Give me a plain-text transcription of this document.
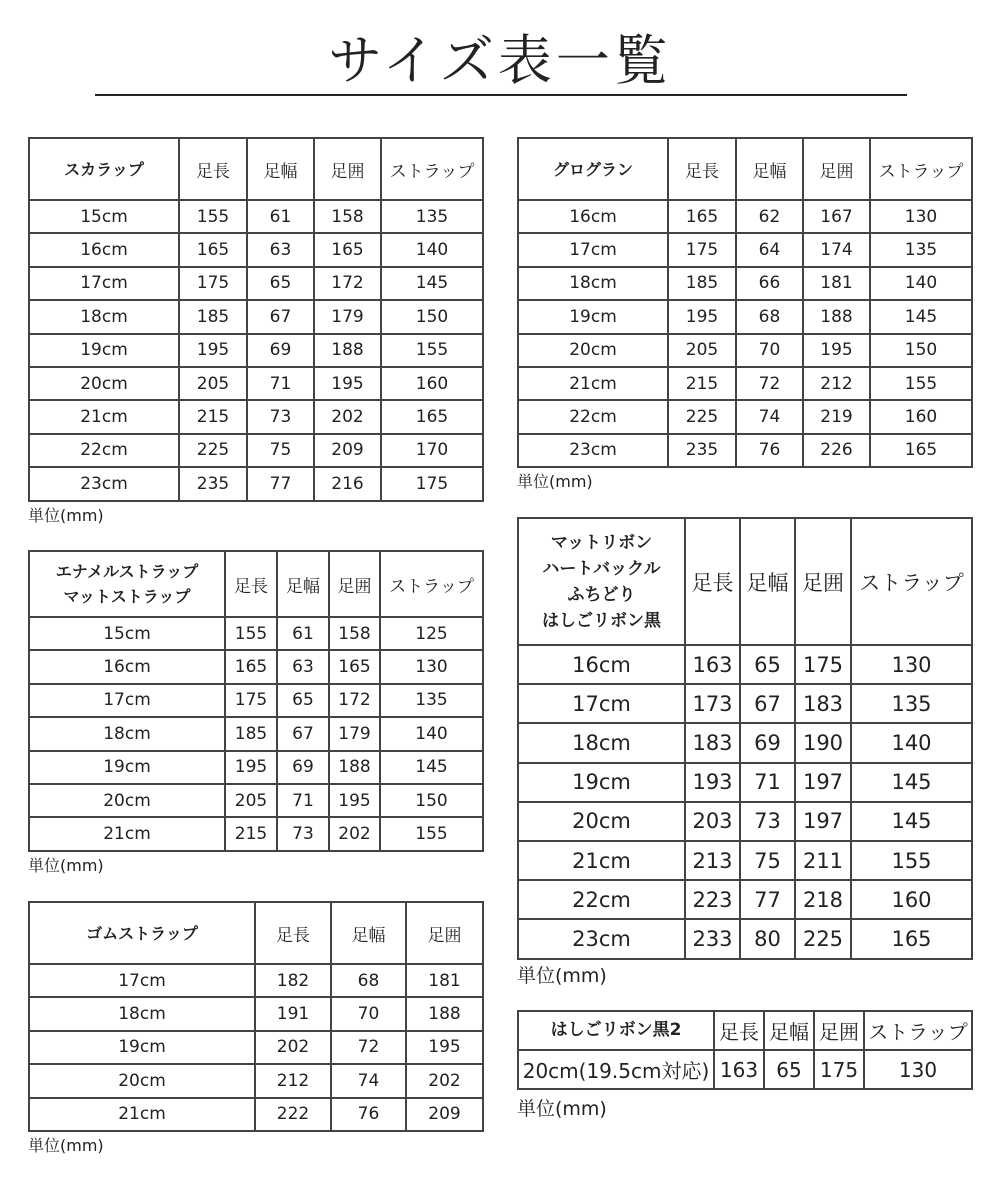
サイズ表一覧
スカラップ	足長	足幅	足囲	ストラップ
15cm	155	61	158	135
16cm	165	63	165	140
17cm	175	65	172	145
18cm	185	67	179	150
19cm	195	69	188	155
20cm	205	71	195	160
21cm	215	73	202	165
22cm	225	75	209	170
23cm	235	77	216	175
単位(mm)
グログラン	足長	足幅	足囲	ストラップ
16cm	165	62	167	130
17cm	175	64	174	135
18cm	185	66	181	140
19cm	195	68	188	145
20cm	205	70	195	150
21cm	215	72	212	155
22cm	225	74	219	160
23cm	235	76	226	165
単位(mm)
エナメルストラップ
マットストラップ	足長	足幅	足囲	ストラップ
15cm	155	61	158	125
16cm	165	63	165	130
17cm	175	65	172	135
18cm	185	67	179	140
19cm	195	69	188	145
20cm	205	71	195	150
21cm	215	73	202	155
単位(mm)
マットリボン
ハートバックル
ふちどり
はしごリボン黒	足長	足幅	足囲	ストラップ
16cm	163	65	175	130
17cm	173	67	183	135
18cm	183	69	190	140
19cm	193	71	197	145
20cm	203	73	197	145
21cm	213	75	211	155
22cm	223	77	218	160
23cm	233	80	225	165
単位(mm)
ゴムストラップ	足長	足幅	足囲
17cm	182	68	181
18cm	191	70	188
19cm	202	72	195
20cm	212	74	202
21cm	222	76	209
単位(mm)
はしごリボン黒2	足長	足幅	足囲	ストラップ
20cm(19.5cm対応)	163	65	175	130
単位(mm)
